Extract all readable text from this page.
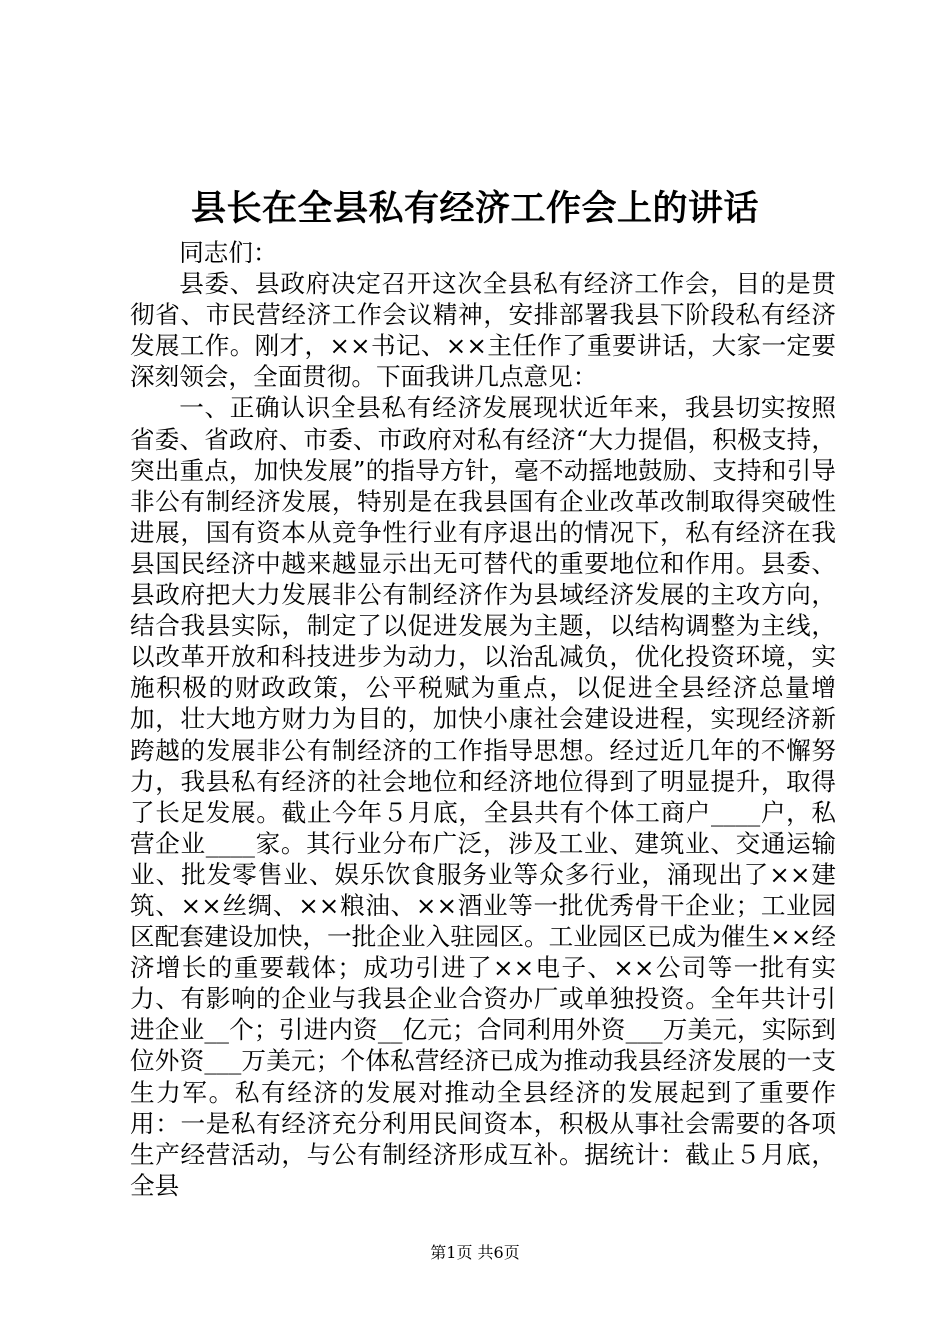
县长在全县私有经济工作会上的讲话

同志们：

县委、县政府决定召开这次全县私有经济工作会，目的是贯彻省、市民营经济工作会议精神，安排部署我县下阶段私有经济发展工作。刚才，××书记、××主任作了重要讲话，大家一定要深刻领会，全面贯彻。下面我讲几点意见：

一、正确认识全县私有经济发展现状近年来，我县切实按照省委、省政府、市委、市政府对私有经济“大力提倡，积极支持，突出重点，加快发展”的指导方针，毫不动摇地鼓励、支持和引导非公有制经济发展，特别是在我县国有企业改革改制取得突破性进展，国有资本从竞争性行业有序退出的情况下，私有经济在我县国民经济中越来越显示出无可替代的重要地位和作用。县委、县政府把大力发展非公有制经济作为县域经济发展的主攻方向，结合我县实际，制定了以促进发展为主题，以结构调整为主线，以改革开放和科技进步为动力，以治乱减负，优化投资环境，实施积极的财政政策，公平税赋为重点，以促进全县经济总量增加，壮大地方财力为目的，加快小康社会建设进程，实现经济新跨越的发展非公有制经济的工作指导思想。经过近几年的不懈努力，我县私有经济的社会地位和经济地位得到了明显提升，取得了长足发展。截止今年５月底，全县共有个体工商户____户，私营企业____家。其行业分布广泛，涉及工业、建筑业、交通运输业、批发零售业、娱乐饮食服务业等众多行业，涌现出了××建筑、××丝绸、××粮油、××酒业等一批优秀骨干企业；工业园区配套建设加快，一批企业入驻园区。工业园区已成为催生××经济增长的重要载体；成功引进了××电子、××公司等一批有实力、有影响的企业与我县企业合资办厂或单独投资。全年共计引进企业__个；引进内资__亿元；合同利用外资___万美元，实际到位外资___万美元；个体私营经济已成为推动我县经济发展的一支生力军。私有经济的发展对推动全县经济的发展起到了重要作用：一是私有经济充分利用民间资本，积极从事社会需要的各项生产经营活动，与公有制经济形成互补。据统计：截止５月底，全县

第1页 共6页
